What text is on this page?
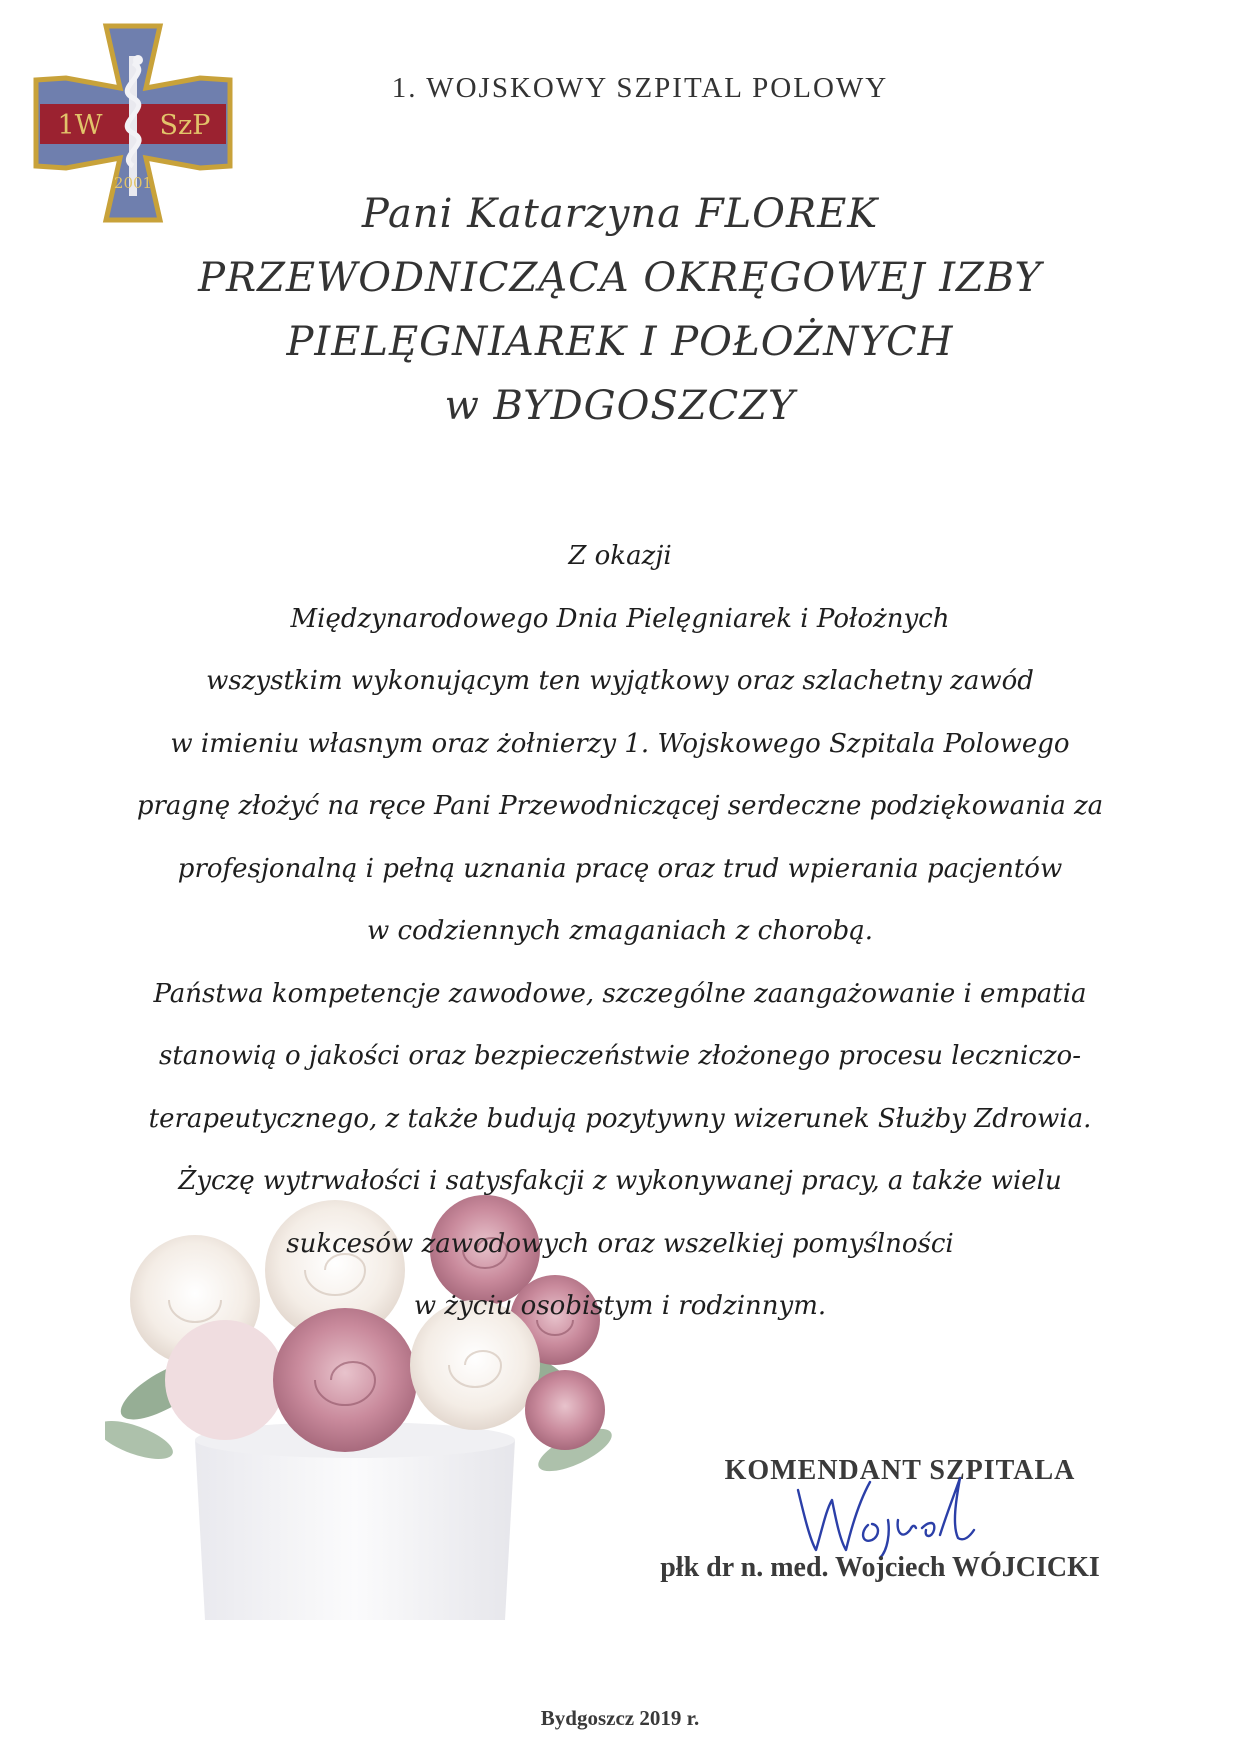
1W SzP
2001
1. WOJSKOWY SZPITAL POLOWY
Pani Katarzyna FLOREK
PRZEWODNICZĄCA OKRĘGOWEJ IZBY
PIELĘGNIAREK I POŁOŻNYCH
w BYDGOSZCZY
Z okazji
Międzynarodowego Dnia Pielęgniarek i Położnych
wszystkim wykonującym ten wyjątkowy oraz szlachetny zawód
w imieniu własnym oraz żołnierzy 1. Wojskowego Szpitala Polowego
pragnę złożyć na ręce Pani Przewodniczącej serdeczne podziękowania za
profesjonalną i pełną uznania pracę oraz trud wpierania pacjentów
w codziennych zmaganiach z chorobą.
Państwa kompetencje zawodowe, szczególne zaangażowanie i empatia
stanowią o jakości oraz bezpieczeństwie złożonego procesu leczniczo-
terapeutycznego, z także budują pozytywny wizerunek Służby Zdrowia.
Życzę wytrwałości i satysfakcji z wykonywanej pracy, a także wielu
sukcesów zawodowych oraz wszelkiej pomyślności
w życiu osobistym i rodzinnym.
KOMENDANT SZPITALA
płk dr n. med. Wojciech WÓJCICKI
Bydgoszcz 2019 r.
